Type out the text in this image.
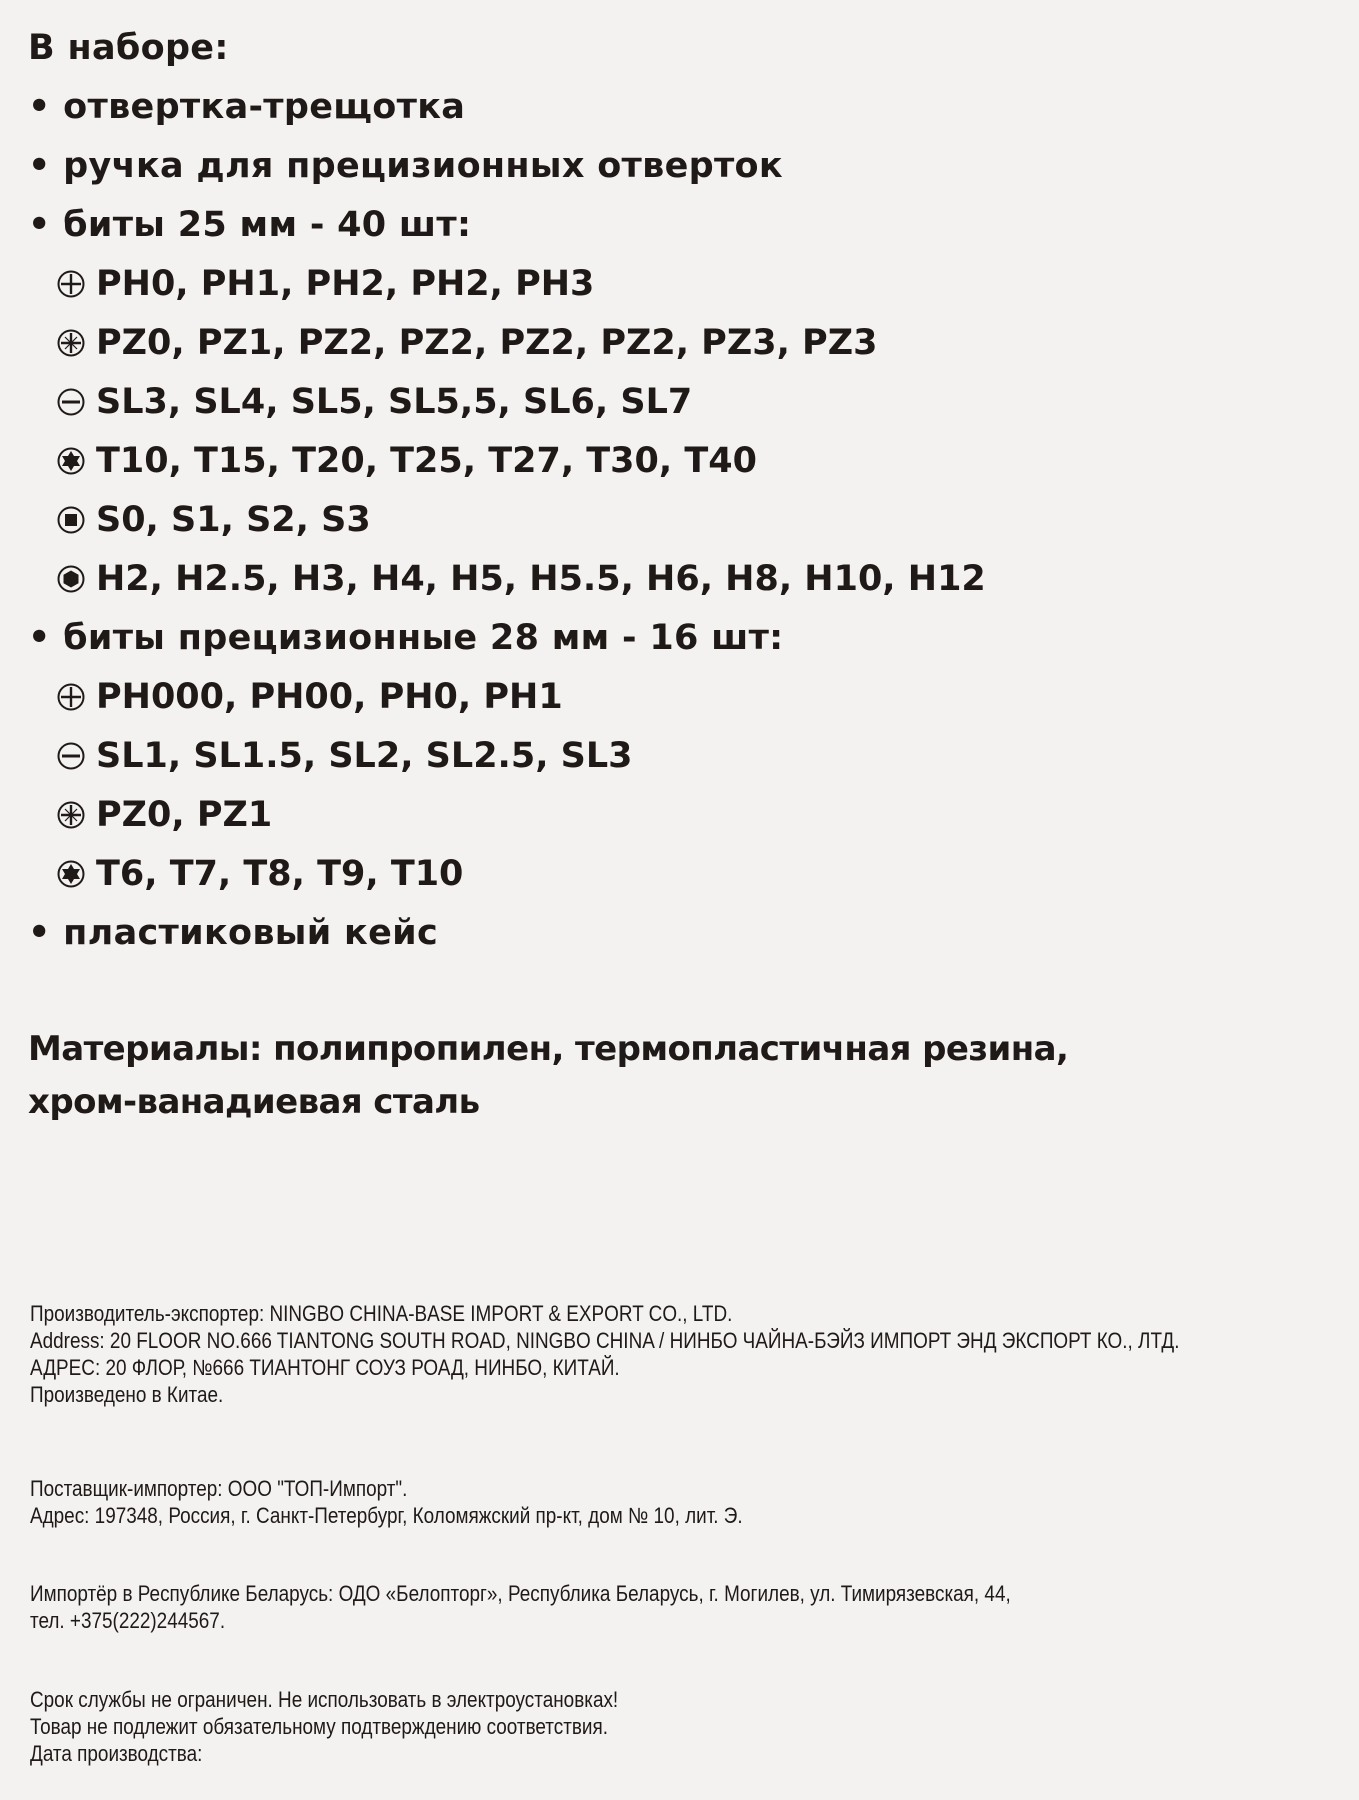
В наборе:
• отвертка-трещотка
• ручка для прецизионных отверток
• биты 25 мм - 40 шт:
PH0, PH1, PH2, PH2, PH3
PZ0, PZ1, PZ2, PZ2, PZ2, PZ2, PZ3, PZ3
SL3, SL4, SL5, SL5,5, SL6, SL7
T10, T15, T20, T25, T27, T30, T40
S0, S1, S2, S3
H2, H2.5, H3, H4, H5, H5.5, H6, H8, H10, H12
• биты прецизионные 28 мм - 16 шт:
PH000, PH00, PH0, PH1
SL1, SL1.5, SL2, SL2.5, SL3
PZ0, PZ1
T6, T7, T8, T9, T10
• пластиковый кейс
Материалы: полипропилен, термопластичная резина,
хром-ванадиевая сталь
Производитель-экспортер: NINGBO CHINA-BASE IMPORT & EXPORT CO., LTD.
Address: 20 FLOOR NO.666 TIANTONG SOUTH ROAD, NINGBO CHINA / НИНБО ЧАЙНА-БЭЙЗ ИМПОРТ ЭНД ЭКСПОРТ КО., ЛТД.
АДРЕС: 20 ФЛОР, №666 ТИАНТОНГ СОУЗ РОАД, НИНБО, КИТАЙ.
Произведено в Китае.
Поставщик-импортер: ООО "ТОП-Импорт".
Адрес: 197348, Россия, г. Санкт-Петербург, Коломяжский пр-кт, дом № 10, лит. Э.
Импортёр в Республике Беларусь: ОДО «Белопторг», Республика Беларусь, г. Могилев, ул. Тимирязевская, 44,
тел. +375(222)244567.
Срок службы не ограничен. Не использовать в электроустановках!
Товар не подлежит обязательному подтверждению соответствия.
Дата производства:
